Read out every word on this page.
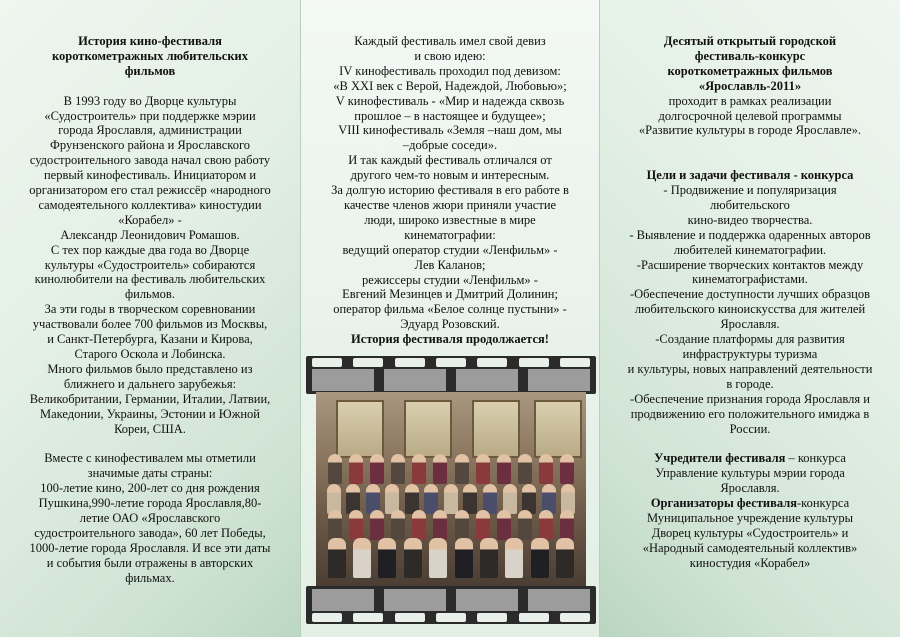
История кино-фестиваля
короткометражных любительских
фильмов

В 1993 году во Дворце культуры

«Судостроитель» при поддержке мэрии

города Ярославля, администрации

Фрунзенского района и Ярославского

судостроительного завода начал свою работу

первый кинофестиваль. Инициатором и

организатором его стал режиссёр «народного

самодеятельного коллектива» киностудии

«Корабел» -

Александр Леонидович Ромашов.

С тех пор каждые два года во Дворце

культуры «Судостроитель» собираются

кинолюбители на фестиваль любительских

фильмов.

За эти годы в творческом соревновании

участвовали более 700 фильмов из Москвы,

и Санкт-Петербурга, Казани и Кирова,

Старого Оскола и Лобинска.

Много фильмов было представлено из

ближнего и дальнего зарубежья:

Великобритании, Германии, Италии, Латвии,

Македонии, Украины, Эстонии и Южной

Кореи, США.

Вместе с кинофестивалем мы отметили

значимые даты страны:

100-летие кино, 200-лет со дня рождения

Пушкина,990-летие города Ярославля,80-

летие ОАО «Ярославского

судостроительного завода», 60 лет Победы,

1000-летие города Ярославля. И все эти даты

и события были отражены в авторских

фильмах.

Каждый фестиваль имел свой девиз

и свою идею:

IV кинофестиваль проходил под девизом:

«В XXI век с Верой, Надеждой, Любовью»;

V кинофестиваль - «Мир и надежда сквозь

прошлое – в настоящее и будущее»;

VIII кинофестиваль «Земля –наш дом, мы

–добрые соседи».

И так каждый фестиваль отличался от

другого чем-то новым и интересным.

За долгую историю фестиваля в его работе в

качестве членов жюри приняли участие

люди, широко известные в мире

кинематографии:

ведущий оператор студии «Ленфильм» -

Лев Каланов;

режиссеры студии «Ленфильм» -

Евгений Мезинцев и Дмитрий Долинин;

оператор фильма «Белое солнце пустыни» -

Эдуард Розовский.

История фестиваля продолжается!

Десятый открытый городской
фестиваль-конкурс
короткометражных фильмов
«Ярославль-2011»

проходит в рамках реализации

долгосрочной целевой программы

«Развитие культуры в городе Ярославле».

Цели и задачи фестиваля - конкурса

- Продвижение и популяризация

любительского

кино-видео творчества.

- Выявление и поддержка одаренных авторов

любителей кинематографии.

-Расширение творческих контактов между

кинематографистами.

-Обеспечение доступности лучших образцов

любительского киноискусства для жителей

Ярославля.

-Создание платформы для развития

инфраструктуры туризма

и культуры, новых направлений деятельности

в городе.

-Обеспечение признания города Ярославля и

продвижению его положительного имиджа в

России.

Учредители фестиваля – конкурса

Управление культуры мэрии города

Ярославля.

Организаторы фестиваля-конкурса

Муниципальное учреждение культуры

Дворец культуры «Судостроитель» и

«Народный самодеятельный коллектив»

киностудия «Корабел»
